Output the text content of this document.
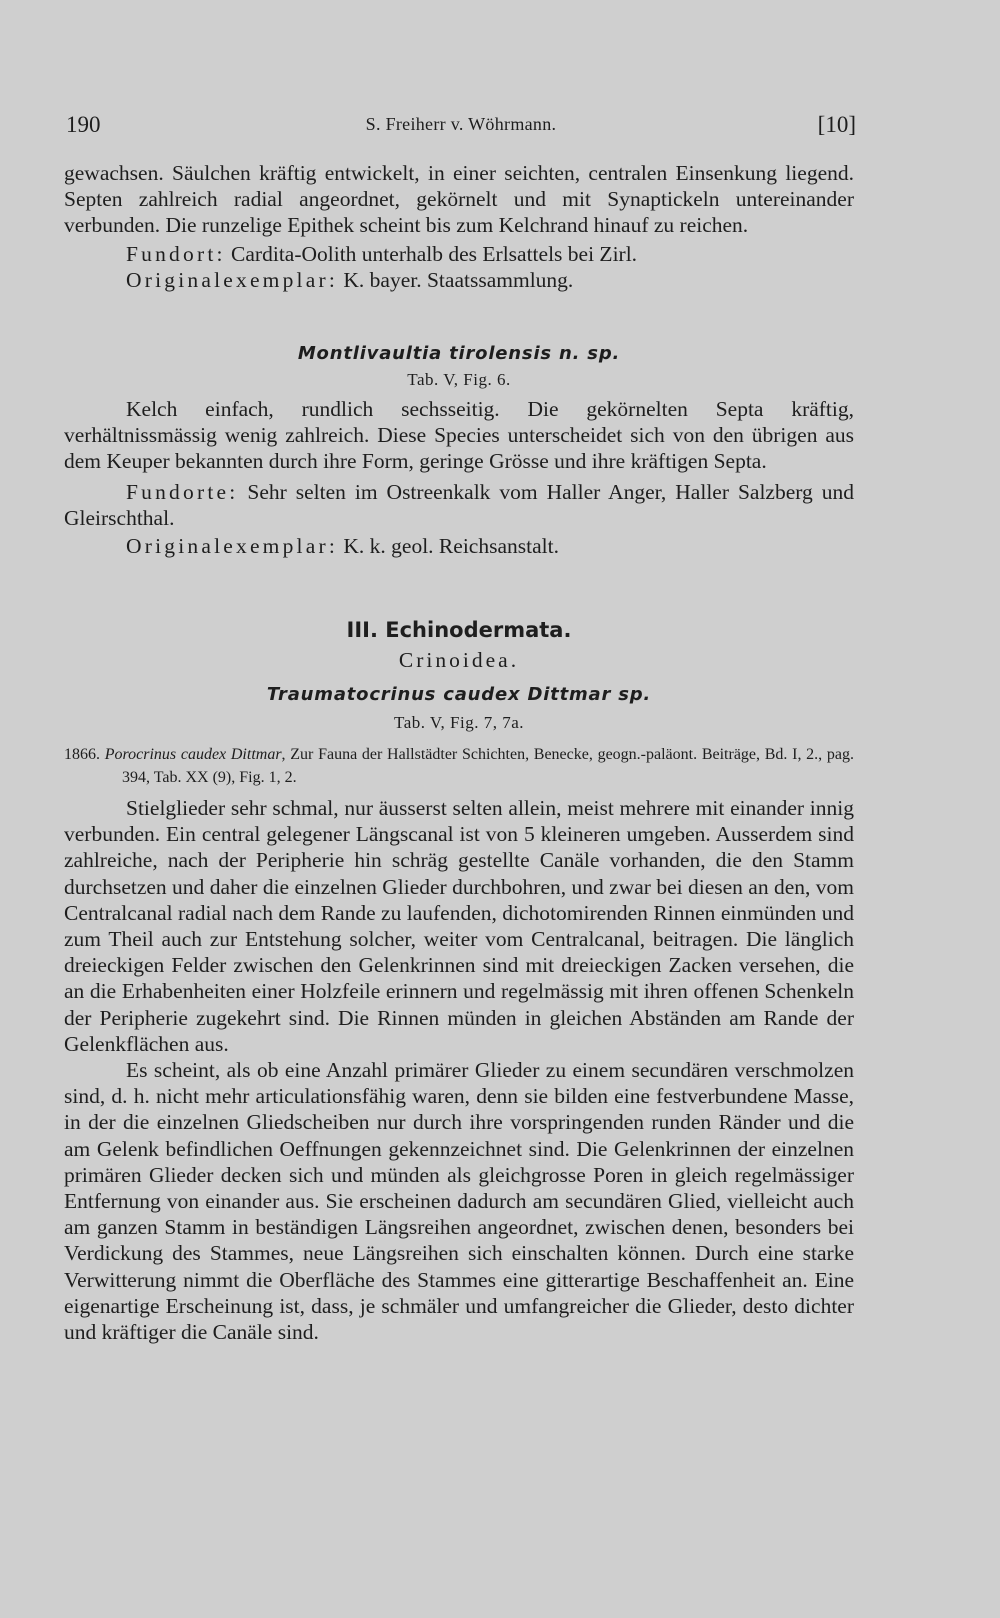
190	S. Freiherr v. Wöhrmann.	[10]

gewachsen. Säulchen kräftig entwickelt, in einer seichten, centralen Einsenkung liegend. Septen zahlreich radial angeordnet, gekörnelt und mit Synaptickeln untereinander verbunden. Die runzelige Epithek scheint bis zum Kelchrand hinauf zu reichen.

Fundort: Cardita-Oolith unterhalb des Erlsattels bei Zirl.

Originalexemplar: K. bayer. Staatssammlung.

Montlivaultia tirolensis n. sp.
Tab. V, Fig. 6.

Kelch einfach, rundlich sechsseitig. Die gekörnelten Septa kräftig, verhältnissmässig wenig zahlreich. Diese Species unterscheidet sich von den übrigen aus dem Keuper bekannten durch ihre Form, geringe Grösse und ihre kräftigen Septa.

Fundorte: Sehr selten im Ostreenkalk vom Haller Anger, Haller Salzberg und Gleirschthal.

Originalexemplar: K. k. geol. Reichsanstalt.

III. Echinodermata.
Crinoidea.
Traumatocrinus caudex Dittmar sp.
Tab. V, Fig. 7, 7a.

1866. Porocrinus caudex Dittmar, Zur Fauna der Hallstädter Schichten, Benecke, geogn.-paläont. Beiträge, Bd. I, 2., pag. 394, Tab. XX (9), Fig. 1, 2.

Stielglieder sehr schmal, nur äusserst selten allein, meist mehrere mit einander innig verbunden. Ein central gelegener Längscanal ist von 5 kleineren umgeben. Ausserdem sind zahlreiche, nach der Peripherie hin schräg gestellte Canäle vorhanden, die den Stamm durchsetzen und daher die einzelnen Glieder durchbohren, und zwar bei diesen an den, vom Centralcanal radial nach dem Rande zu laufenden, dichotomirenden Rinnen einmünden und zum Theil auch zur Entstehung solcher, weiter vom Centralcanal, beitragen. Die länglich dreieckigen Felder zwischen den Gelenkrinnen sind mit dreieckigen Zacken versehen, die an die Erhabenheiten einer Holzfeile erinnern und regelmässig mit ihren offenen Schenkeln der Peripherie zugekehrt sind. Die Rinnen münden in gleichen Abständen am Rande der Gelenkflächen aus.

Es scheint, als ob eine Anzahl primärer Glieder zu einem secundären verschmolzen sind, d. h. nicht mehr articulationsfähig waren, denn sie bilden eine festverbundene Masse, in der die einzelnen Gliedscheiben nur durch ihre vorspringenden runden Ränder und die am Gelenk befindlichen Oeffnungen gekennzeichnet sind. Die Gelenkrinnen der einzelnen primären Glieder decken sich und münden als gleichgrosse Poren in gleich regelmässiger Entfernung von einander aus. Sie erscheinen dadurch am secundären Glied, vielleicht auch am ganzen Stamm in beständigen Längsreihen angeordnet, zwischen denen, besonders bei Verdickung des Stammes, neue Längsreihen sich einschalten können. Durch eine starke Verwitterung nimmt die Oberfläche des Stammes eine gitterartige Beschaffenheit an. Eine eigenartige Erscheinung ist, dass, je schmäler und umfangreicher die Glieder, desto dichter und kräftiger die Canäle sind.
